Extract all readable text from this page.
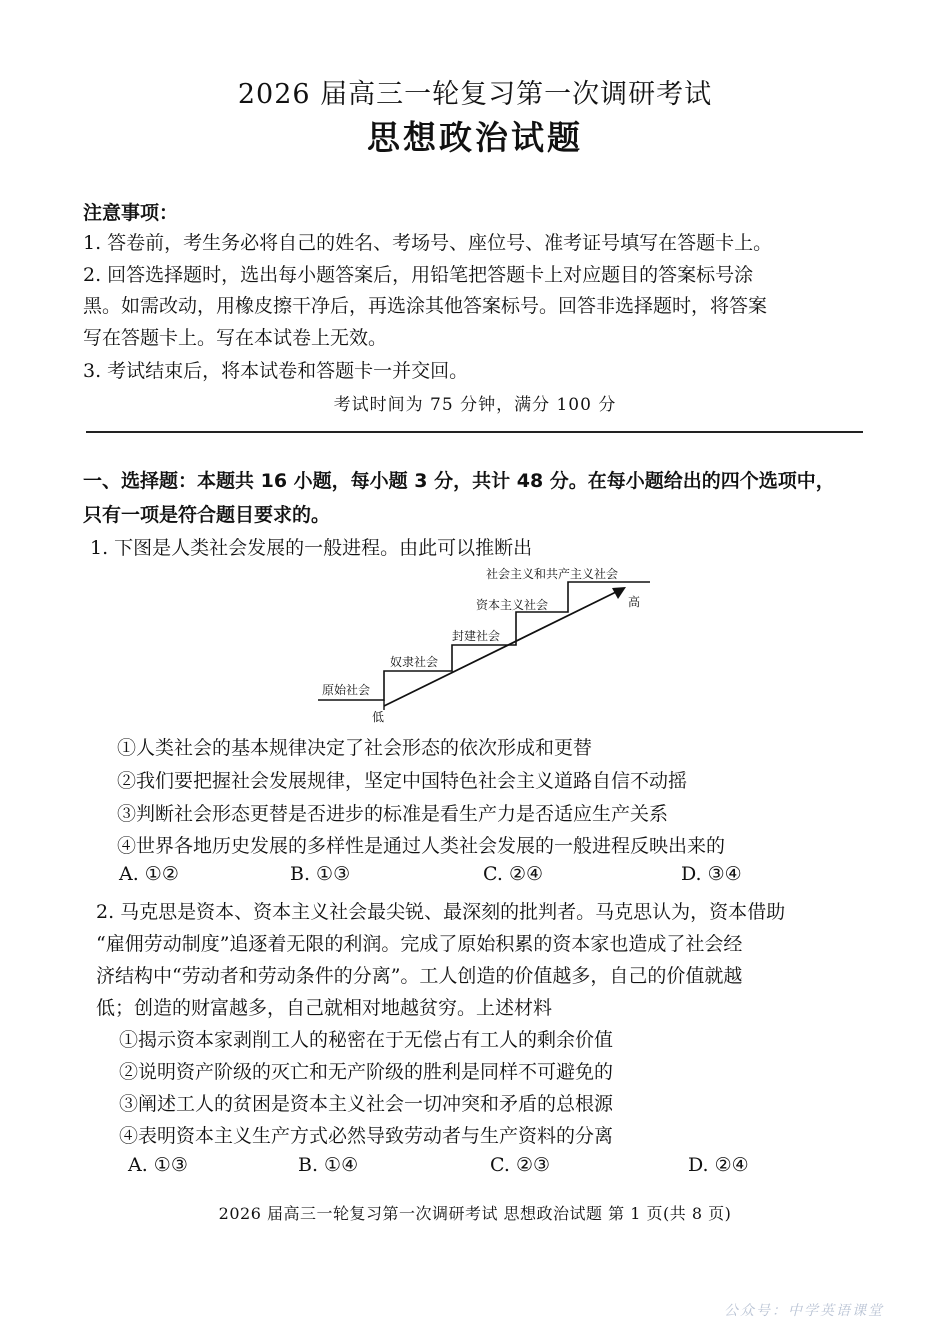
2026 届高三一轮复习第一次调研考试
思想政治试题
注意事项：
1. 答卷前，考生务必将自己的姓名、考场号、座位号、准考证号填写在答题卡上。
2. 回答选择题时，选出每小题答案后，用铅笔把答题卡上对应题目的答案标号涂
黑。如需改动，用橡皮擦干净后，再选涂其他答案标号。回答非选择题时，将答案
写在答题卡上。写在本试卷上无效。
3. 考试结束后，将本试卷和答题卡一并交回。
考试时间为 75 分钟，满分 100 分
一、选择题：本题共 16 小题，每小题 3 分，共计 48 分。在每小题给出的四个选项中，
只有一项是符合题目要求的。
1. 下图是人类社会发展的一般进程。由此可以推断出
原始社会
奴隶社会
封建社会
资本主义社会
社会主义和共产主义社会
低
高
①人类社会的基本规律决定了社会形态的依次形成和更替
②我们要把握社会发展规律，坚定中国特色社会主义道路自信不动摇
③判断社会形态更替是否进步的标准是看生产力是否适应生产关系
④世界各地历史发展的多样性是通过人类社会发展的一般进程反映出来的
A. ①②	B. ①③	C. ②④	D. ③④
2. 马克思是资本、资本主义社会最尖锐、最深刻的批判者。马克思认为，资本借助
“雇佣劳动制度”追逐着无限的利润。完成了原始积累的资本家也造成了社会经
济结构中“劳动者和劳动条件的分离”。工人创造的价值越多，自己的价值就越
低；创造的财富越多，自己就相对地越贫穷。上述材料
①揭示资本家剥削工人的秘密在于无偿占有工人的剩余价值
②说明资产阶级的灭亡和无产阶级的胜利是同样不可避免的
③阐述工人的贫困是资本主义社会一切冲突和矛盾的总根源
④表明资本主义生产方式必然导致劳动者与生产资料的分离
A. ①③	B. ①④	C. ②③	D. ②④
2026 届高三一轮复习第一次调研考试 思想政治试题 第 1 页(共 8 页)
公众号：中学英语课堂
